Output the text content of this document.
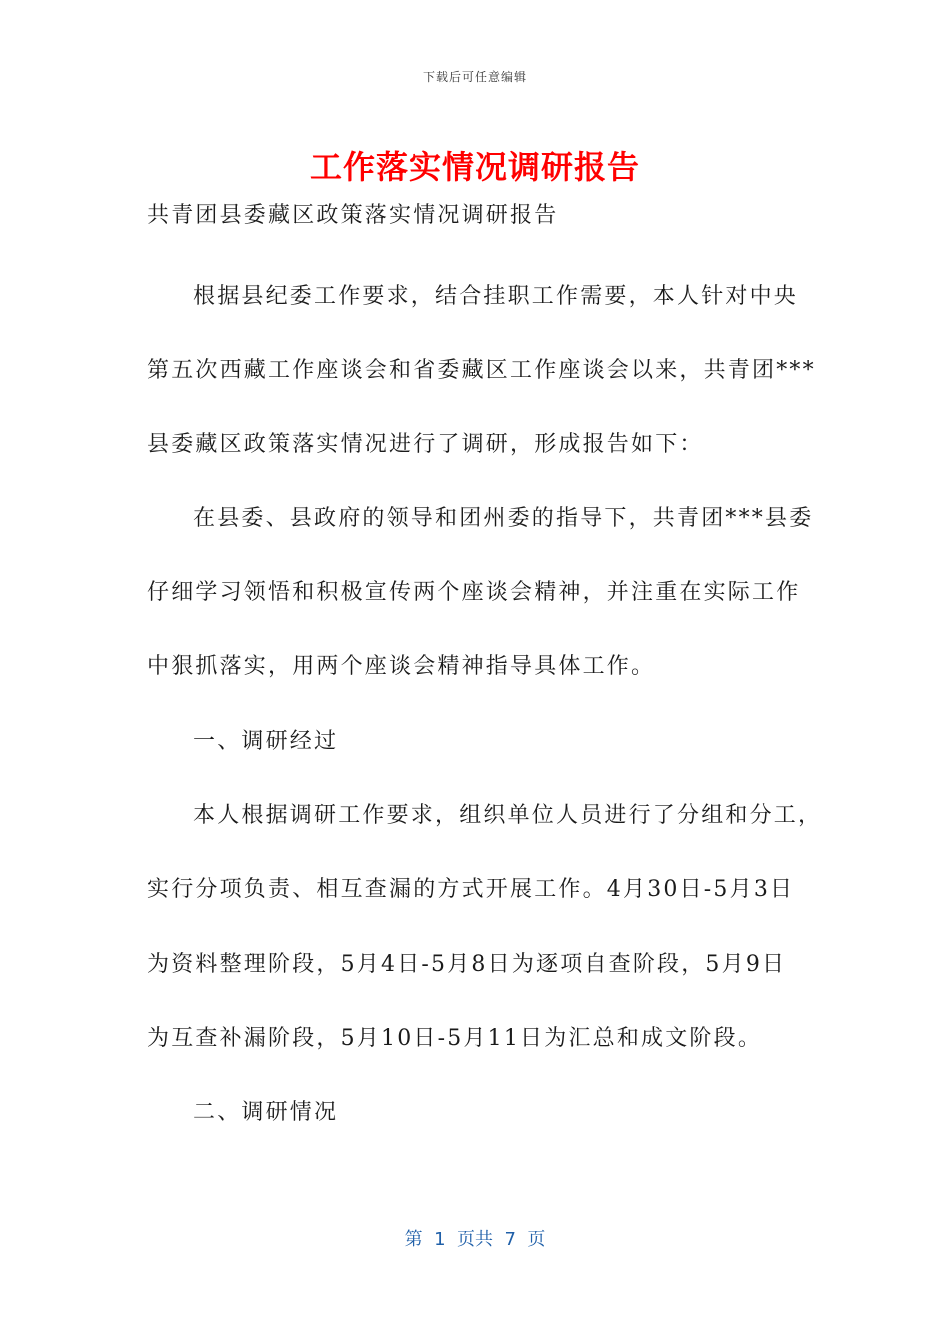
下载后可任意编辑
工作落实情况调研报告
共青团县委藏区政策落实情况调研报告
根据县纪委工作要求，结合挂职工作需要，本人针对中央
第五次西藏工作座谈会和省委藏区工作座谈会以来，共青团***
县委藏区政策落实情况进行了调研，形成报告如下：
在县委、县政府的领导和团州委的指导下，共青团***县委
仔细学习领悟和积极宣传两个座谈会精神，并注重在实际工作
中狠抓落实，用两个座谈会精神指导具体工作。
一、调研经过
本人根据调研工作要求，组织单位人员进行了分组和分工，
实行分项负责、相互查漏的方式开展工作。4月30日-5月3日
为资料整理阶段，5月4日-5月8日为逐项自查阶段，5月9日
为互查补漏阶段，5月10日-5月11日为汇总和成文阶段。
二、调研情况
第  1  页共  7  页
